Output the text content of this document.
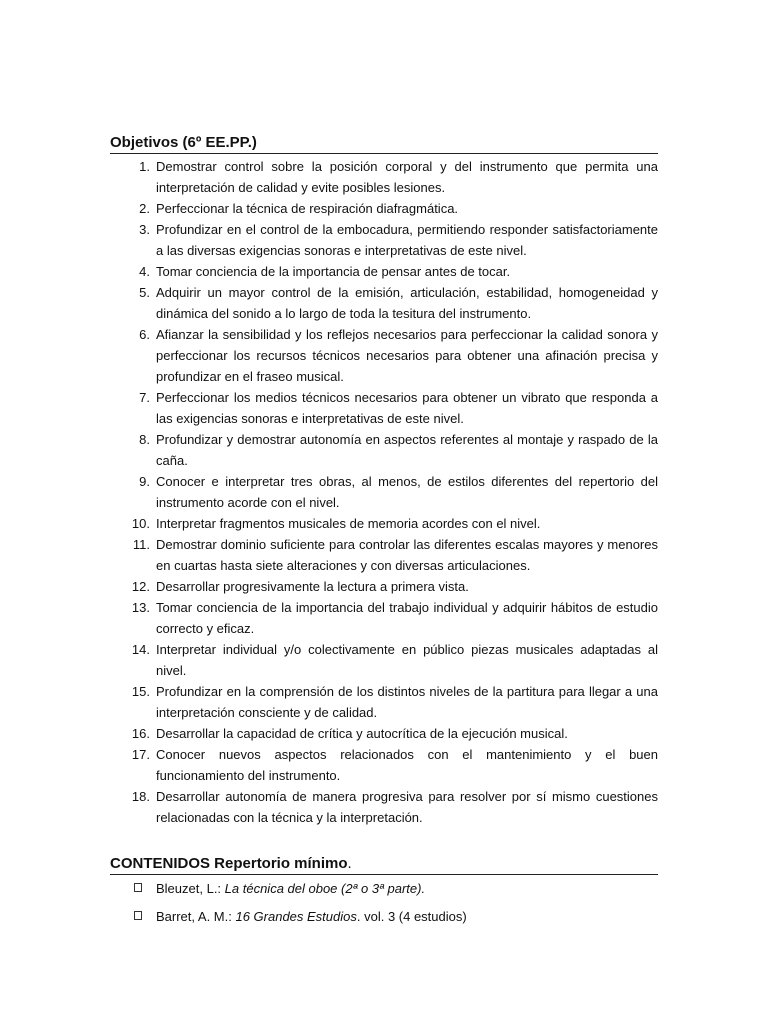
Objetivos (6º EE.PP.)
1. Demostrar control sobre la posición corporal y del instrumento que permita una interpretación de calidad y evite posibles lesiones.
2. Perfeccionar la técnica de respiración diafragmática.
3. Profundizar en el control de la embocadura, permitiendo responder satisfactoriamente a las diversas exigencias sonoras e interpretativas de este nivel.
4. Tomar conciencia de la importancia de pensar antes de tocar.
5. Adquirir un mayor control de la emisión, articulación, estabilidad, homogeneidad y dinámica del sonido a lo largo de toda la tesitura del instrumento.
6. Afianzar la sensibilidad y los reflejos necesarios para perfeccionar la calidad sonora y perfeccionar los recursos técnicos necesarios para obtener una afinación precisa y profundizar en el fraseo musical.
7. Perfeccionar los medios técnicos necesarios para obtener un vibrato que responda a las exigencias sonoras e interpretativas de este nivel.
8. Profundizar y demostrar autonomía en aspectos referentes al montaje y raspado de la caña.
9. Conocer e interpretar tres obras, al menos, de estilos diferentes del repertorio del instrumento acorde con el nivel.
10. Interpretar fragmentos musicales de memoria acordes con el nivel.
11. Demostrar dominio suficiente para controlar las diferentes escalas mayores y menores en cuartas hasta siete alteraciones y con diversas articulaciones.
12. Desarrollar progresivamente la lectura a primera vista.
13. Tomar conciencia de la importancia del trabajo individual y adquirir hábitos de estudio correcto y eficaz.
14. Interpretar individual y/o colectivamente en público piezas musicales adaptadas al nivel.
15. Profundizar en la comprensión de los distintos niveles de la partitura para llegar a una interpretación consciente y de calidad.
16. Desarrollar la capacidad de crítica y autocrítica de la ejecución musical.
17. Conocer nuevos aspectos relacionados con el mantenimiento y el buen funcionamiento del instrumento.
18. Desarrollar autonomía de manera progresiva para resolver por sí mismo cuestiones relacionadas con la técnica y la interpretación.
CONTENIDOS Repertorio mínimo.
Bleuzet, L.: La técnica del oboe (2ª o 3ª parte).
Barret, A. M.: 16 Grandes Estudios. vol. 3 (4 estudios)
